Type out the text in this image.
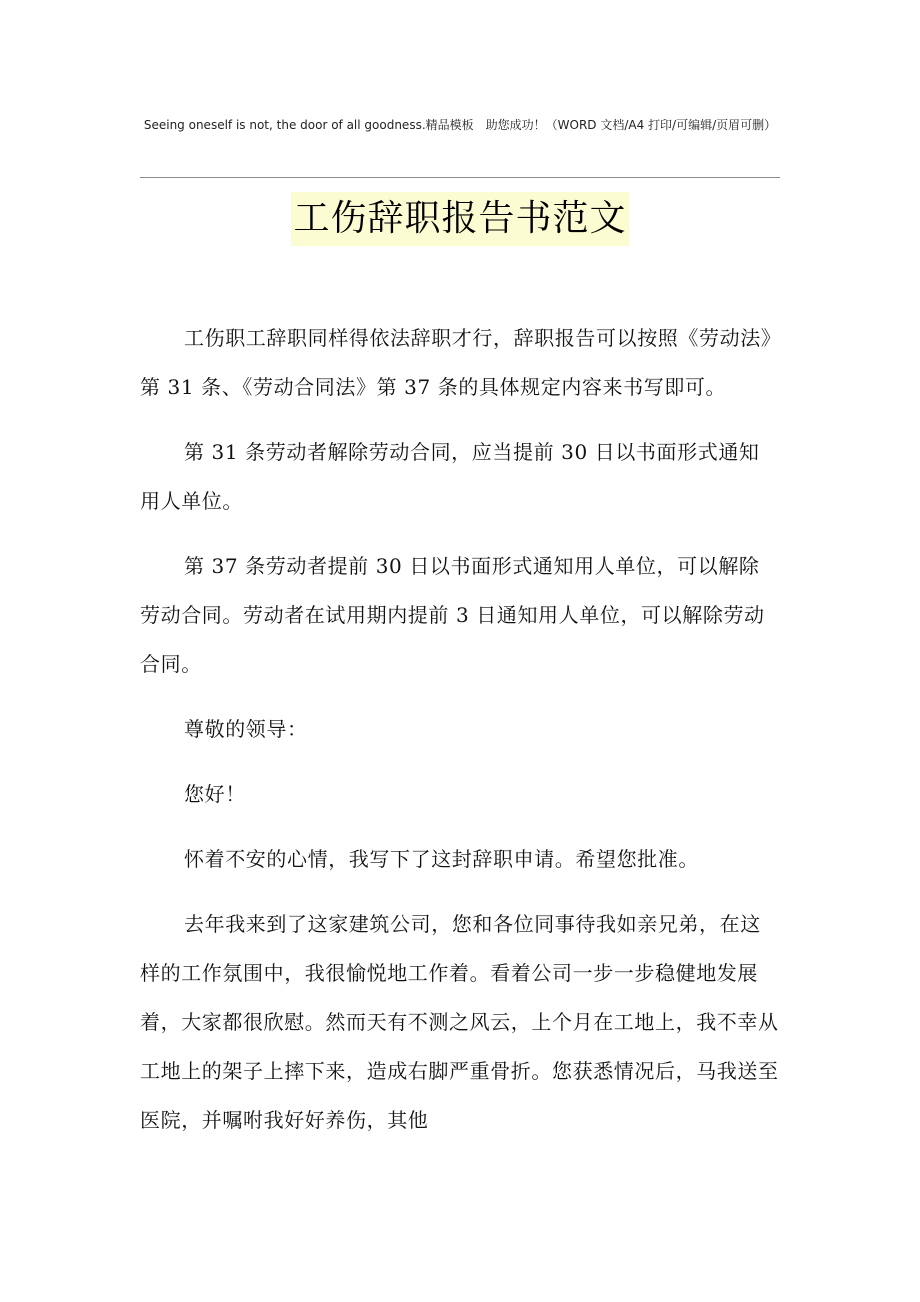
Seeing oneself is not, the door of all goodness.精品模板　助您成功！（WORD 文档/A4 打印/可编辑/页眉可删）
工伤辞职报告书范文

工伤职工辞职同样得依法辞职才行，辞职报告可以按照《劳动法》第 31 条、《劳动合同法》第 37 条的具体规定内容来书写即可。

第 31 条劳动者解除劳动合同，应当提前 30 日以书面形式通知用人单位。

第 37 条劳动者提前 30 日以书面形式通知用人单位，可以解除劳动合同。劳动者在试用期内提前 3 日通知用人单位，可以解除劳动合同。

尊敬的领导：

您好！

怀着不安的心情，我写下了这封辞职申请。希望您批准。

去年我来到了这家建筑公司，您和各位同事待我如亲兄弟，在这样的工作氛围中，我很愉悦地工作着。看着公司一步一步稳健地发展着，大家都很欣慰。然而天有不测之风云，上个月在工地上，我不幸从工地上的架子上摔下来，造成右脚严重骨折。您获悉情况后，马我送至医院，并嘱咐我好好养伤，其他
